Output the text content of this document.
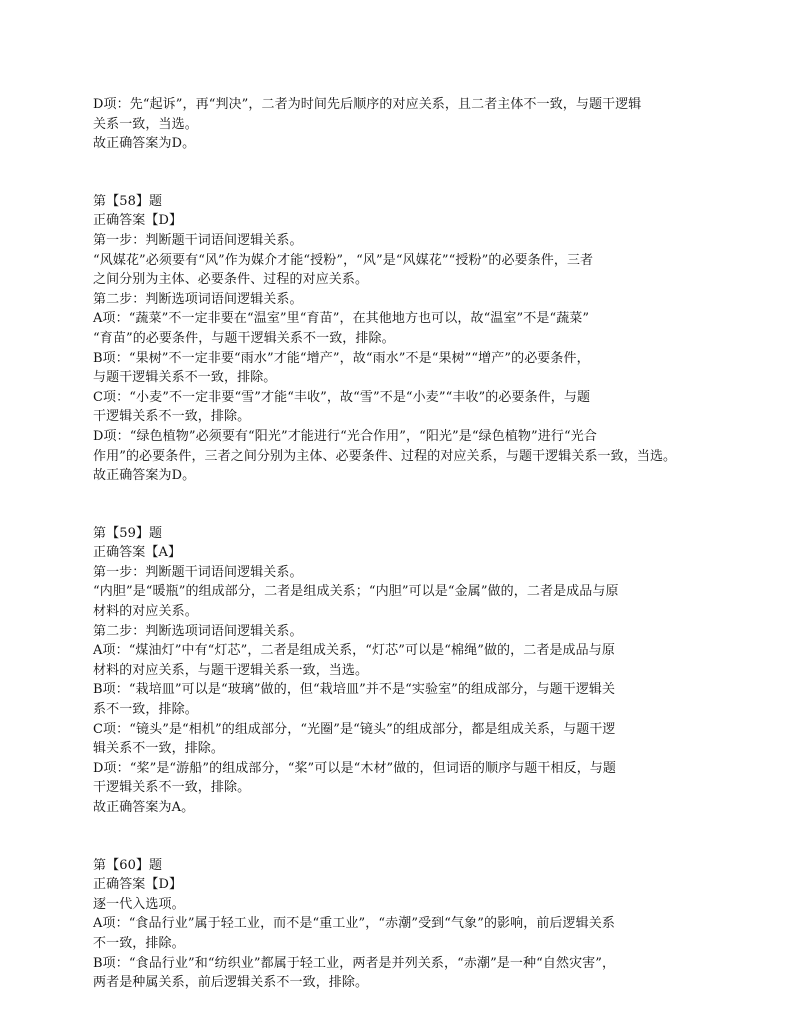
D项：先“起诉”，再“判决”，二者为时间先后顺序的对应关系，且二者主体不一致，与题干逻辑
关系一致，当选。
故正确答案为D。
第【58】题
正确答案【D】
第一步：判断题干词语间逻辑关系。
“风媒花”必须要有“风”作为媒介才能“授粉”，“风”是“风媒花”“授粉”的必要条件，三者
之间分别为主体、必要条件、过程的对应关系。
第二步：判断选项词语间逻辑关系。
A项：“蔬菜”不一定非要在“温室”里“育苗”，在其他地方也可以，故“温室”不是“蔬菜”
“育苗”的必要条件，与题干逻辑关系不一致，排除。
B项：“果树”不一定非要“雨水”才能“增产”，故“雨水”不是“果树”“增产”的必要条件，
与题干逻辑关系不一致，排除。
C项：“小麦”不一定非要“雪”才能“丰收”，故“雪”不是“小麦”“丰收”的必要条件，与题
干逻辑关系不一致，排除。
D项：“绿色植物”必须要有“阳光”才能进行“光合作用”，“阳光”是“绿色植物”进行“光合
作用”的必要条件，三者之间分别为主体、必要条件、过程的对应关系，与题干逻辑关系一致，当选。
故正确答案为D。
第【59】题
正确答案【A】
第一步：判断题干词语间逻辑关系。
“内胆”是“暖瓶”的组成部分，二者是组成关系；“内胆”可以是“金属”做的，二者是成品与原
材料的对应关系。
第二步：判断选项词语间逻辑关系。
A项：“煤油灯”中有“灯芯”，二者是组成关系，“灯芯”可以是“棉绳”做的，二者是成品与原
材料的对应关系，与题干逻辑关系一致，当选。
B项：“栽培皿”可以是“玻璃”做的，但“栽培皿”并不是“实验室”的组成部分，与题干逻辑关
系不一致，排除。
C项：“镜头”是“相机”的组成部分，“光圈”是“镜头”的组成部分，都是组成关系，与题干逻
辑关系不一致，排除。
D项：“桨”是“游船”的组成部分，“桨”可以是“木材”做的，但词语的顺序与题干相反，与题
干逻辑关系不一致，排除。
故正确答案为A。
第【60】题
正确答案【D】
逐一代入选项。
A项：“食品行业”属于轻工业，而不是“重工业”，“赤潮”受到“气象”的影响，前后逻辑关系
不一致，排除。
B项：“食品行业”和“纺织业”都属于轻工业，两者是并列关系，“赤潮”是一种“自然灾害”，
两者是种属关系，前后逻辑关系不一致，排除。
